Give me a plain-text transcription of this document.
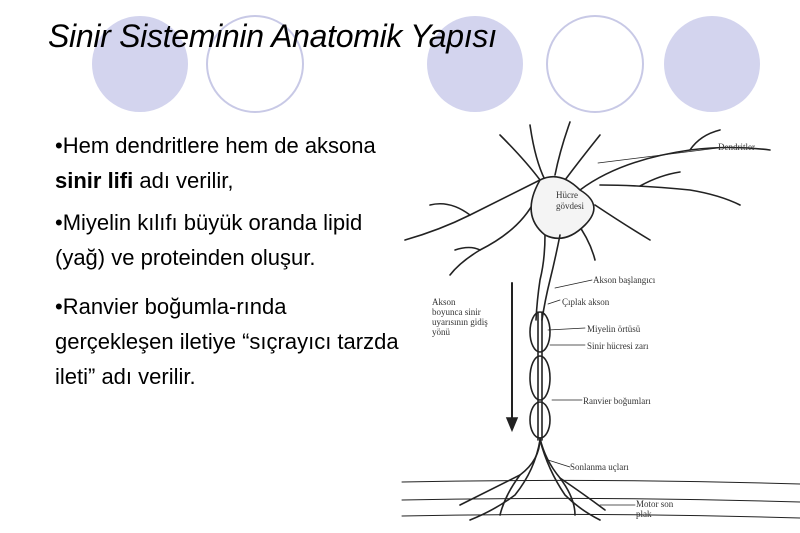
Sinir Sisteminin Anatomik Yapısı

•Hem dendritlere hem de aksona sinir lifi adı verilir,

•Miyelin kılıfı büyük oranda lipid (yağ) ve proteinden oluşur.

•Ranvier boğumla-rında gerçekleşen iletiye “sıçrayıcı tarzda ileti” adı verilir.

Dendritler
Hücre
gövdesi
Akson başlangıcı
Çıplak akson
Miyelin örtüsü
Sinir hücresi zarı
Ranvier boğumları
Sonlanma uçları
Motor son
plak
Akson
boyunca sinir
uyarısının gidiş
yönü
